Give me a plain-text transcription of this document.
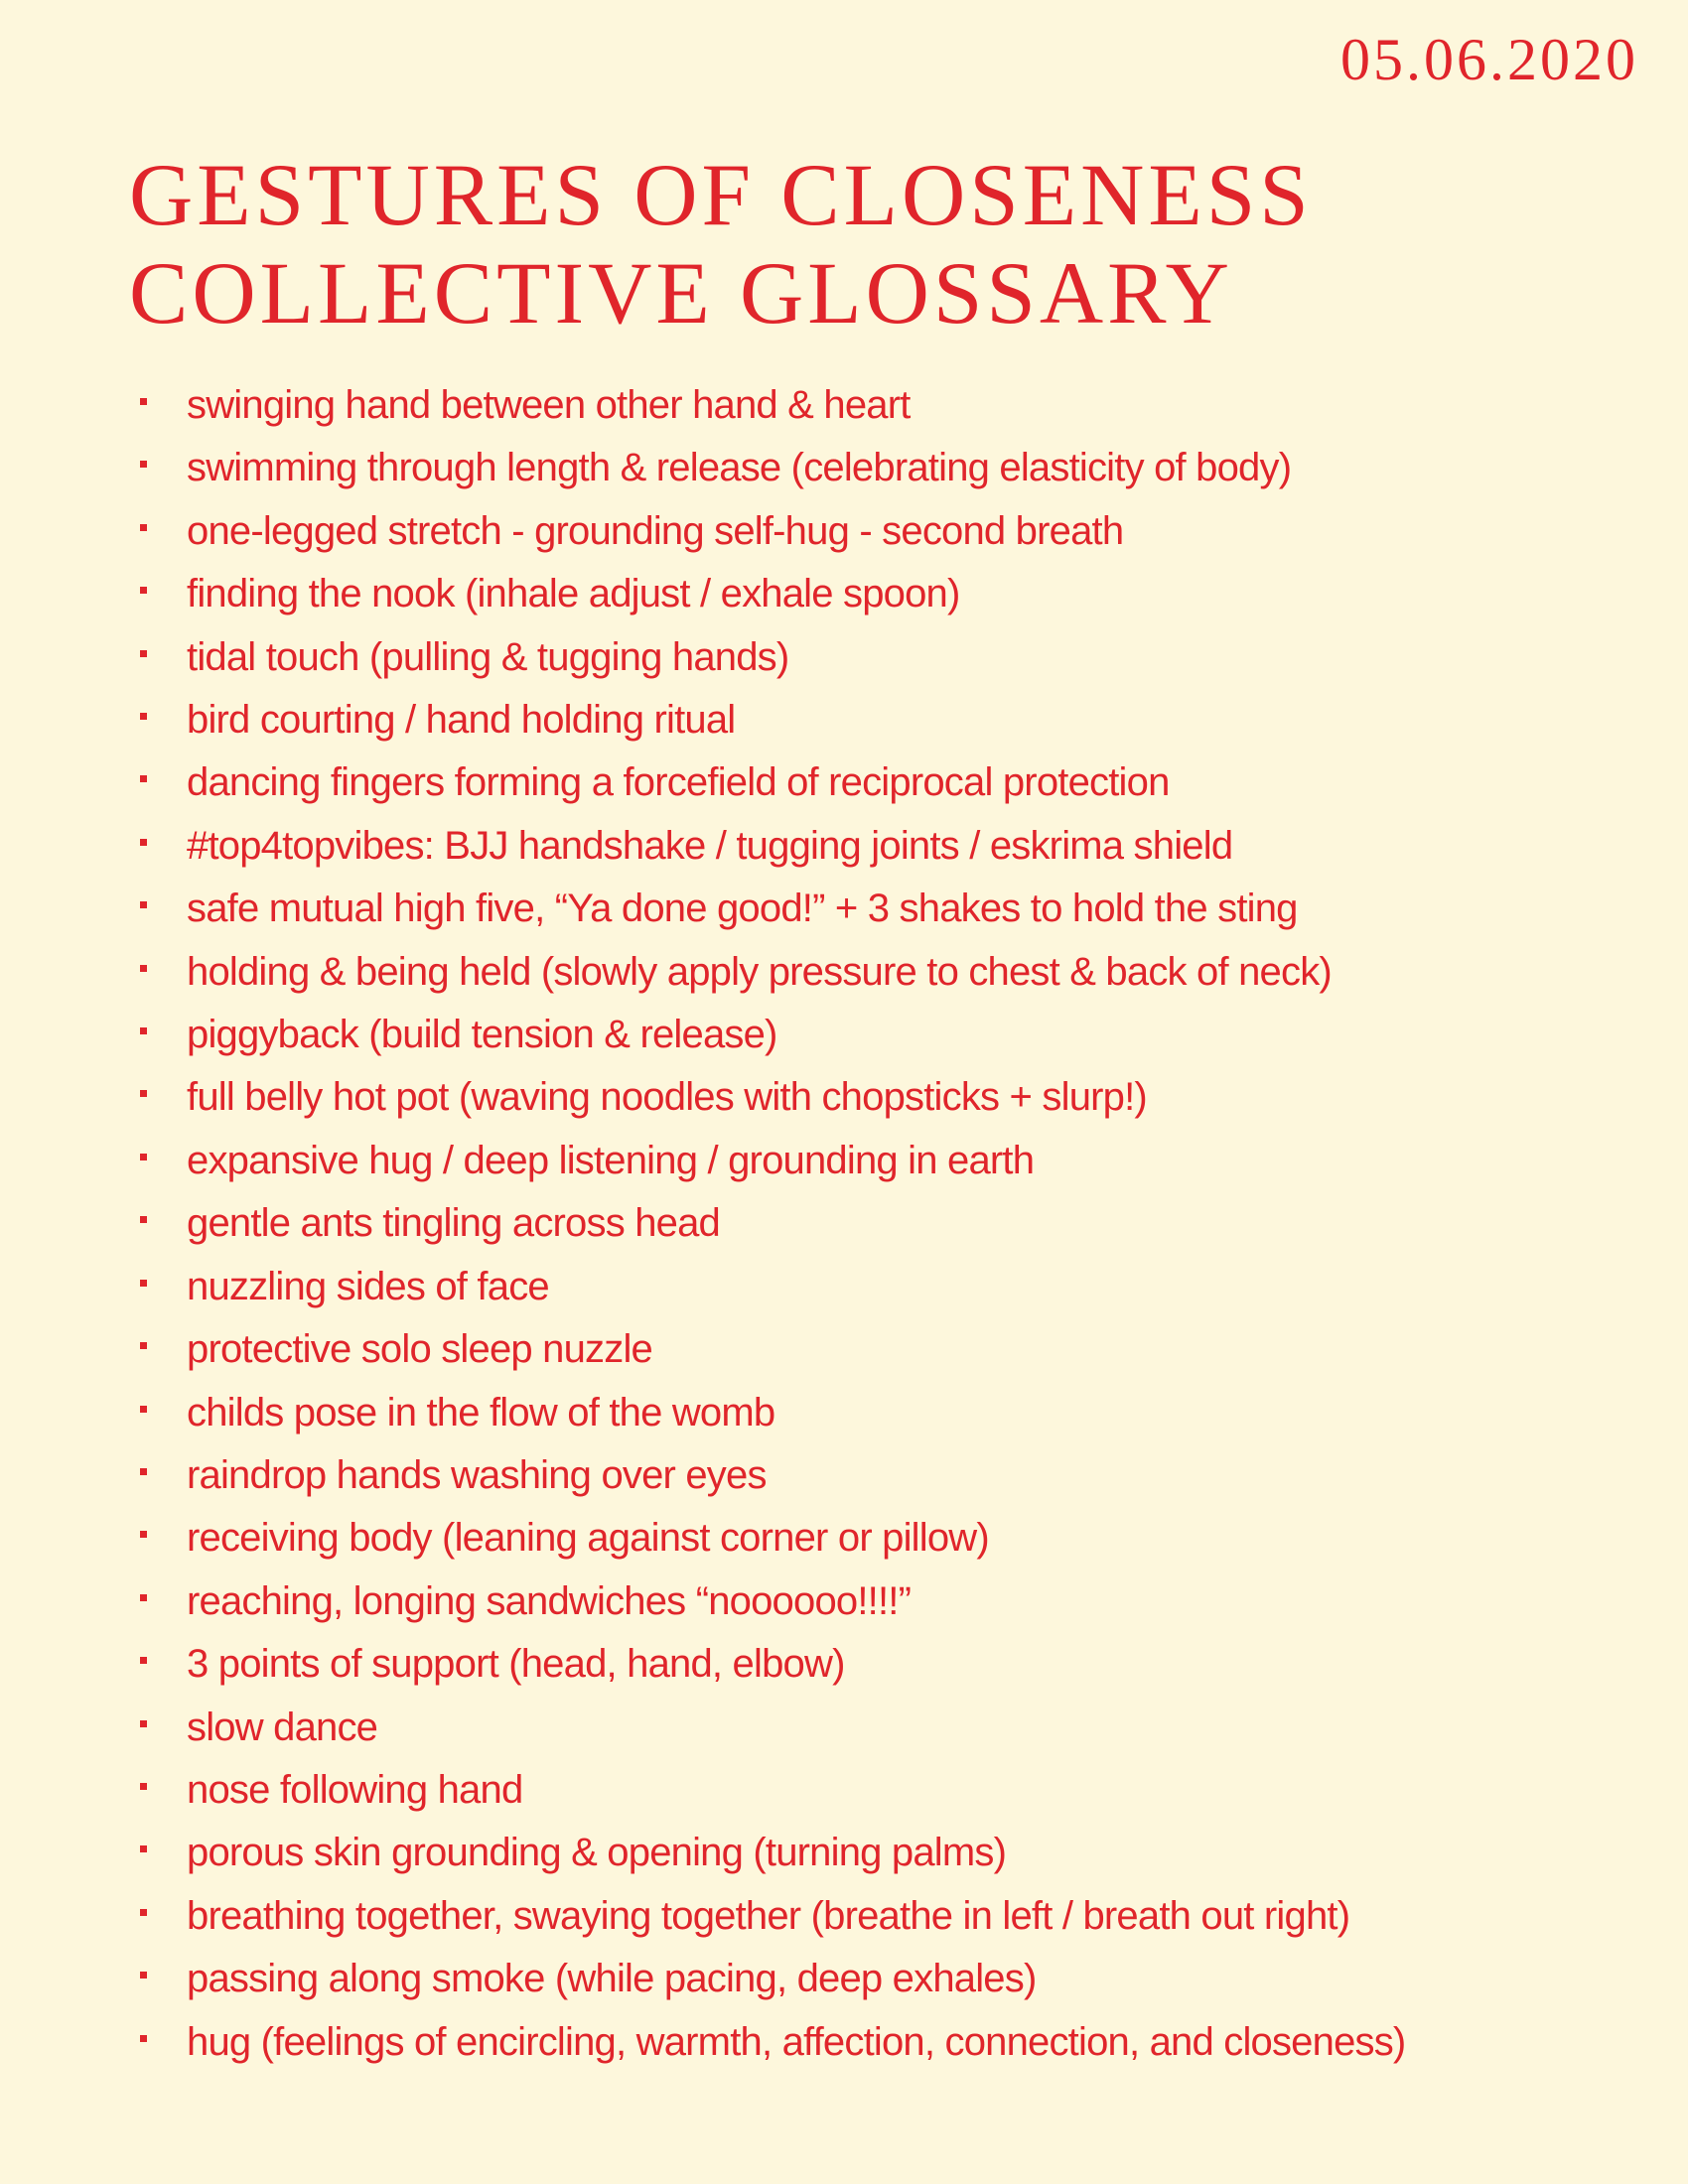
05.06.2020
GESTURES OF CLOSENESS
COLLECTIVE GLOSSARY
swinging hand between other hand & heart
swimming through length & release (celebrating elasticity of body)
one-legged stretch - grounding self-hug - second breath
finding the nook (inhale adjust / exhale spoon)
tidal touch (pulling & tugging hands)
bird courting / hand holding ritual
dancing fingers forming a forcefield of reciprocal protection
#top4topvibes: BJJ handshake / tugging joints / eskrima shield
safe mutual high five, “Ya done good!” + 3 shakes to hold the sting
holding & being held (slowly apply pressure to chest & back of neck)
piggyback (build tension & release)
full belly hot pot (waving noodles with chopsticks + slurp!)
expansive hug / deep listening / grounding in earth
gentle ants tingling across head
nuzzling sides of face
protective solo sleep nuzzle
childs pose in the flow of the womb
raindrop hands washing over eyes
receiving body (leaning against corner or pillow)
reaching, longing sandwiches “noooooo!!!!”
3 points of support (head, hand, elbow)
slow dance
nose following hand
porous skin grounding & opening (turning palms)
breathing together, swaying together (breathe in left / breath out right)
passing along smoke (while pacing, deep exhales)
hug (feelings of encircling, warmth, affection, connection, and closeness)
